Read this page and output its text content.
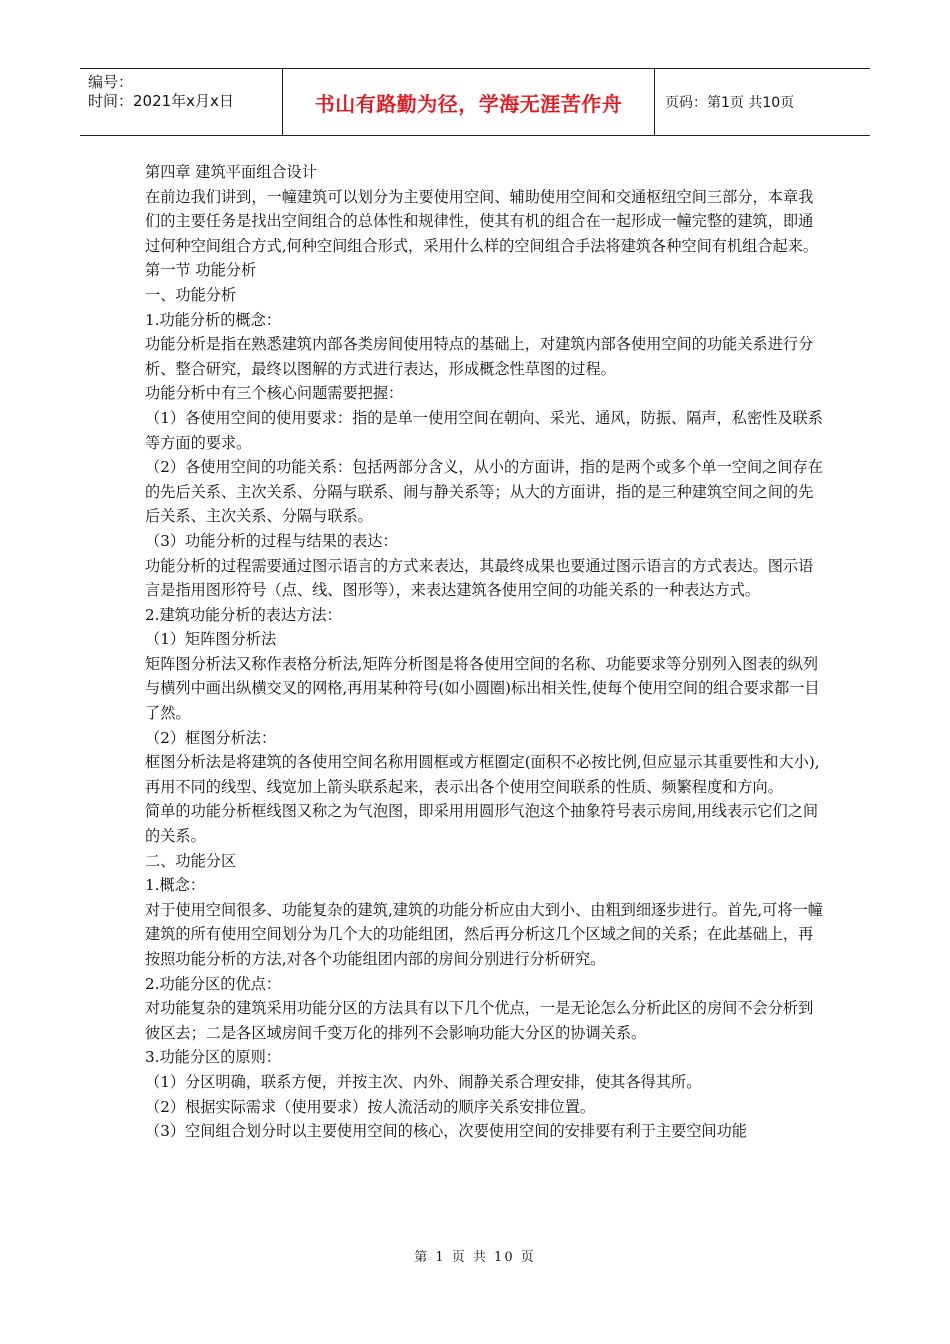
编号：
时间：2021年x月x日	书山有路勤为径，学海无涯苦作舟	页码：第1页 共10页

第四章 建筑平面组合设计

在前边我们讲到，一幢建筑可以划分为主要使用空间、辅助使用空间和交通枢纽空间三部分，本章我们的主要任务是找出空间组合的总体性和规律性，使其有机的组合在一起形成一幢完整的建筑，即通过何种空间组合方式,何种空间组合形式，采用什么样的空间组合手法将建筑各种空间有机组合起来。

第一节 功能分析

一、功能分析

1.功能分析的概念：

功能分析是指在熟悉建筑内部各类房间使用特点的基础上，对建筑内部各使用空间的功能关系进行分析、整合研究，最终以图解的方式进行表达，形成概念性草图的过程。

功能分析中有三个核心问题需要把握：

（1）各使用空间的使用要求：指的是单一使用空间在朝向、采光、通风，防振、隔声，私密性及联系等方面的要求。

（2）各使用空间的功能关系：包括两部分含义，从小的方面讲，指的是两个或多个单一空间之间存在的先后关系、主次关系、分隔与联系、闹与静关系等；从大的方面讲，指的是三种建筑空间之间的先后关系、主次关系、分隔与联系。

（3）功能分析的过程与结果的表达：

功能分析的过程需要通过图示语言的方式来表达，其最终成果也要通过图示语言的方式表达。图示语言是指用图形符号（点、线、图形等），来表达建筑各使用空间的功能关系的一种表达方式。

2.建筑功能分析的表达方法：

（1）矩阵图分析法

矩阵图分析法又称作表格分析法,矩阵分析图是将各使用空间的名称、功能要求等分别列入图表的纵列与横列中画出纵横交叉的网格,再用某种符号(如小圆圈)标出相关性,使每个使用空间的组合要求都一目了然。

（2）框图分析法：

框图分析法是将建筑的各使用空间名称用圆框或方框圈定(面积不必按比例,但应显示其重要性和大小),再用不同的线型、线宽加上箭头联系起来，表示出各个使用空间联系的性质、频繁程度和方向。

简单的功能分析框线图又称之为气泡图，即采用用圆形气泡这个抽象符号表示房间,用线表示它们之间的关系。

二、功能分区

1.概念：

对于使用空间很多、功能复杂的建筑,建筑的功能分析应由大到小、由粗到细逐步进行。首先,可将一幢建筑的所有使用空间划分为几个大的功能组团，然后再分析这几个区域之间的关系；在此基础上，再按照功能分析的方法,对各个功能组团内部的房间分别进行分析研究。

2.功能分区的优点：

对功能复杂的建筑采用功能分区的方法具有以下几个优点，一是无论怎么分析此区的房间不会分析到彼区去；二是各区域房间千变万化的排列不会影响功能大分区的协调关系。

3.功能分区的原则：

（1）分区明确，联系方便，并按主次、内外、闹静关系合理安排，使其各得其所。

（2）根据实际需求（使用要求）按人流活动的顺序关系安排位置。

（3）空间组合划分时以主要使用空间的核心，次要使用空间的安排要有利于主要空间功能

第 1 页 共 10 页
